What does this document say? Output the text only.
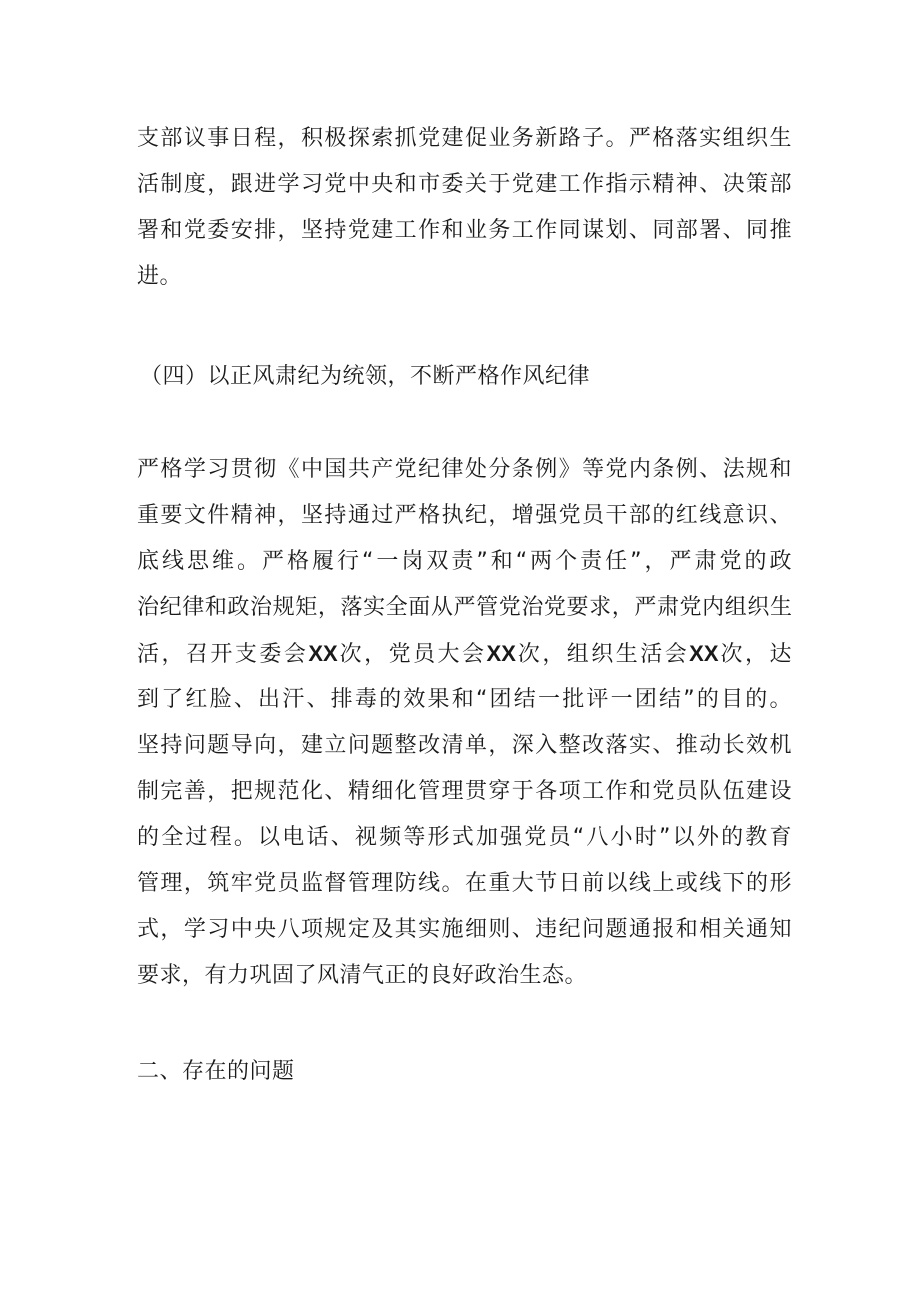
支部议事日程，积极探索抓党建促业务新路子。严格落实组织生
活制度，跟进学习党中央和市委关于党建工作指示精神、决策部
署和党委安排，坚持党建工作和业务工作同谋划、同部署、同推
进。
（四）以正风肃纪为统领，不断严格作风纪律
严格学习贯彻《中国共产党纪律处分条例》等党内条例、法规和
重要文件精神，坚持通过严格执纪，增强党员干部的红线意识、
底线思维。严格履行“一岗双责”和“两个责任”，严肃党的政
治纪律和政治规矩，落实全面从严管党治党要求，严肃党内组织生
活，召开支委会XX次，党员大会XX次，组织生活会XX次，达
到了红脸、出汗、排毒的效果和“团结一批评一团结”的目的。
坚持问题导向，建立问题整改清单，深入整改落实、推动长效机
制完善，把规范化、精细化管理贯穿于各项工作和党员队伍建设
的全过程。以电话、视频等形式加强党员“八小时”以外的教育
管理，筑牢党员监督管理防线。在重大节日前以线上或线下的形
式，学习中央八项规定及其实施细则、违纪问题通报和相关通知
要求，有力巩固了风清气正的良好政治生态。
二、存在的问题
